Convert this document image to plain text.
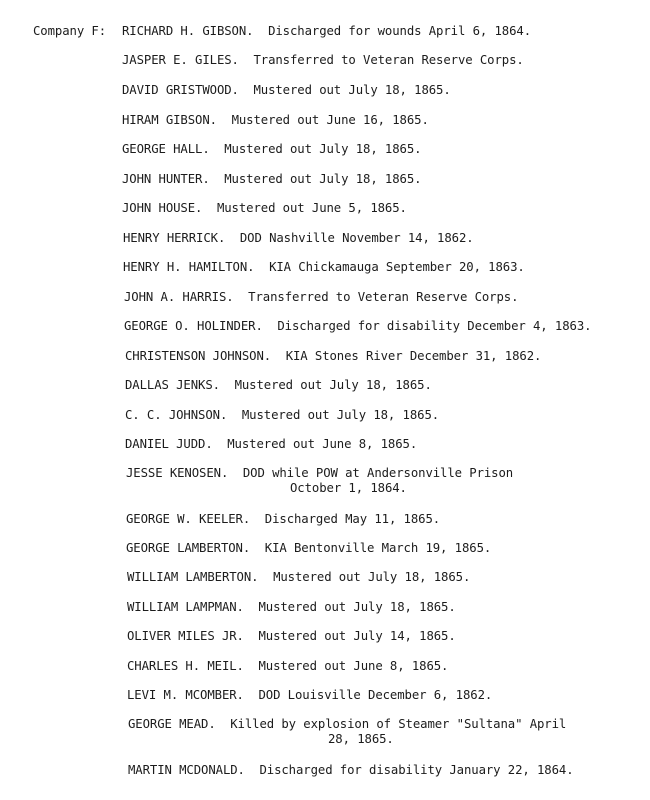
Company F: RICHARD H. GIBSON. Discharged for wounds April 6, 1864.
JASPER E. GILES. Transferred to Veteran Reserve Corps.
DAVID GRISTWOOD. Mustered out July 18, 1865.
HIRAM GIBSON. Mustered out June 16, 1865.
GEORGE HALL. Mustered out July 18, 1865.
JOHN HUNTER. Mustered out July 18, 1865.
JOHN HOUSE. Mustered out June 5, 1865.
HENRY HERRICK. DOD Nashville November 14, 1862.
HENRY H. HAMILTON. KIA Chickamauga September 20, 1863.
JOHN A. HARRIS. Transferred to Veteran Reserve Corps.
GEORGE O. HOLINDER. Discharged for disability December 4, 1863.
CHRISTENSON JOHNSON. KIA Stones River December 31, 1862.
DALLAS JENKS. Mustered out July 18, 1865.
C. C. JOHNSON. Mustered out July 18, 1865.
DANIEL JUDD. Mustered out June 8, 1865.
JESSE KENOSEN. DOD while POW at Andersonville Prison
October 1, 1864.
GEORGE W. KEELER. Discharged May 11, 1865.
GEORGE LAMBERTON. KIA Bentonville March 19, 1865.
WILLIAM LAMBERTON. Mustered out July 18, 1865.
WILLIAM LAMPMAN. Mustered out July 18, 1865.
OLIVER MILES JR. Mustered out July 14, 1865.
CHARLES H. MEIL. Mustered out June 8, 1865.
LEVI M. MCOMBER. DOD Louisville December 6, 1862.
GEORGE MEAD. Killed by explosion of Steamer "Sultana" April
28, 1865.
MARTIN MCDONALD. Discharged for disability January 22, 1864.
